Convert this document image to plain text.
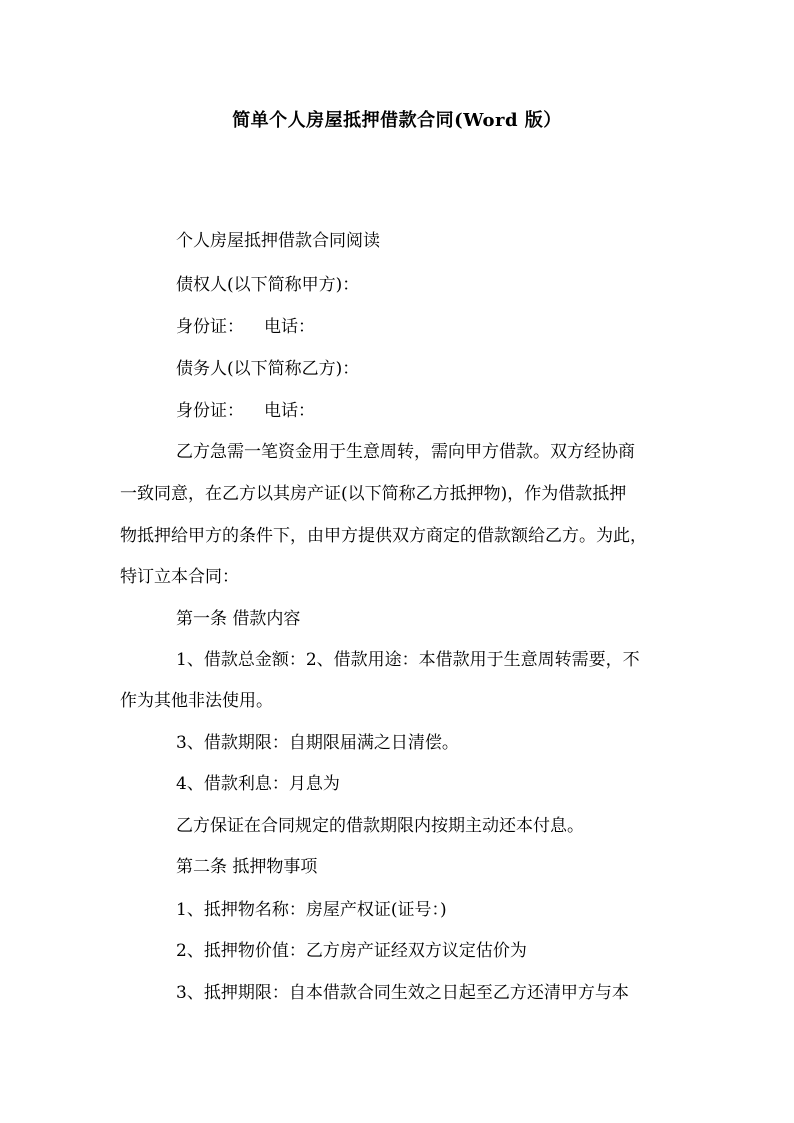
简单个人房屋抵押借款合同(Word 版）
个人房屋抵押借款合同阅读
债权人(以下简称甲方)：
身份证： 电话：
债务人(以下简称乙方)：
身份证： 电话：
乙方急需一笔资金用于生意周转，需向甲方借款。双方经协商
一致同意，在乙方以其房产证(以下简称乙方抵押物)，作为借款抵押
物抵押给甲方的条件下，由甲方提供双方商定的借款额给乙方。为此，
特订立本合同：
第一条 借款内容
1、借款总金额：2、借款用途：本借款用于生意周转需要，不
作为其他非法使用。
3、借款期限：自期限届满之日清偿。
4、借款利息：月息为
乙方保证在合同规定的借款期限内按期主动还本付息。
第二条 抵押物事项
1、抵押物名称：房屋产权证(证号：)
2、抵押物价值：乙方房产证经双方议定估价为
3、抵押期限：自本借款合同生效之日起至乙方还清甲方与本
